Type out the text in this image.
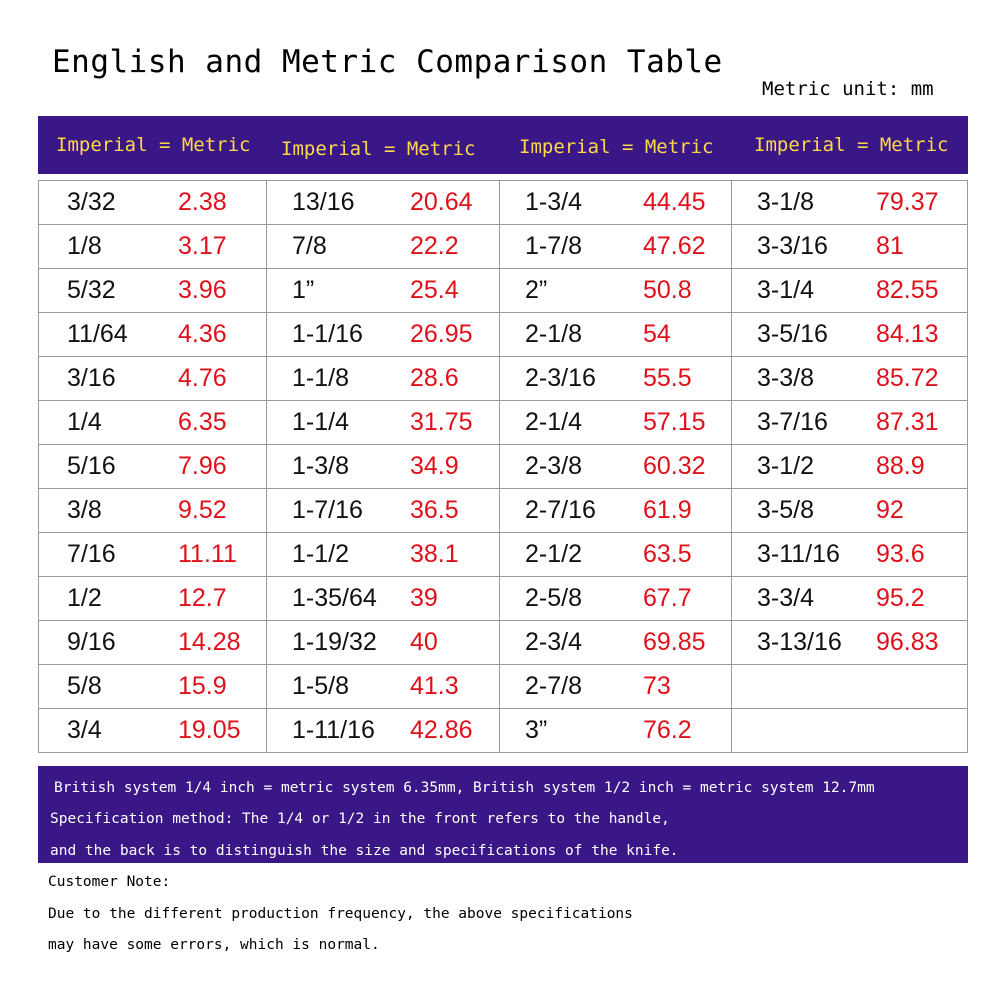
English and Metric Comparison Table
Metric unit: mm
Imperial = Metric Imperial = Metric Imperial = Metric Imperial = Metric
3/32 2.38	13/16 20.64	1-3/4 44.45	3-1/8 79.37

1/8 3.17	7/8 22.2	1-7/8 47.62	3-3/16 81

5/32 3.96	1” 25.4	2” 50.8	3-1/4 82.55

11/64 4.36	1-1/16 26.95	2-1/8 54	3-5/16 84.13

3/16 4.76	1-1/8 28.6	2-3/16 55.5	3-3/8 85.72

1/4 6.35	1-1/4 31.75	2-1/4 57.15	3-7/16 87.31

5/16 7.96	1-3/8 34.9	2-3/8 60.32	3-1/2 88.9

3/8 9.52	1-7/16 36.5	2-7/16 61.9	3-5/8 92

7/16 11.11	1-1/2 38.1	2-1/2 63.5	3-11/16 93.6

1/2 12.7	1-35/64 39	2-5/8 67.7	3-3/4 95.2

9/16 14.28	1-19/32 40	2-3/4 69.85	3-13/16 96.83

5/8 15.9	1-5/8 41.3	2-7/8 73	

3/4 19.05	1-11/16 42.86	3” 76.2	

British system 1/4 inch = metric system 6.35mm, British system 1/2 inch = metric system 12.7mm
Specification method: The 1/4 or 1/2 in the front refers to the handle,
and the back is to distinguish the size and specifications of the knife.
Customer Note:
Due to the different production frequency, the above specifications
may have some errors, which is normal.
